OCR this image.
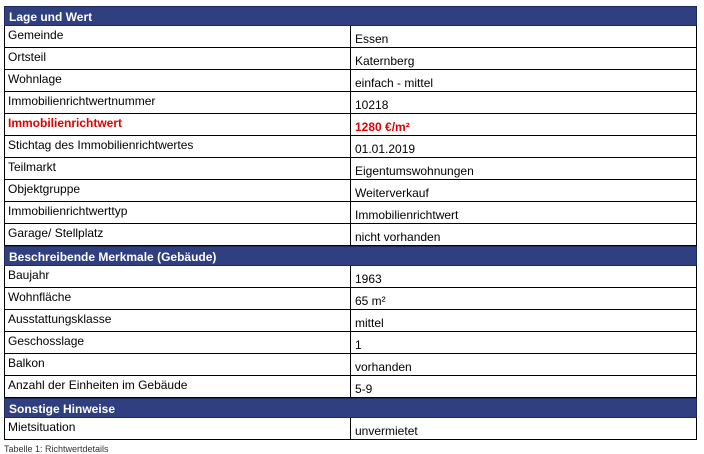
Lage und Wert
Gemeinde	Essen
Ortsteil	Katernberg
Wohnlage	einfach - mittel
Immobilienrichtwertnummer	10218
Immobilienrichtwert	1280 €/m²
Stichtag des Immobilienrichtwertes	01.01.2019
Teilmarkt	Eigentumswohnungen
Objektgruppe	Weiterverkauf
Immobilienrichtwerttyp	Immobilienrichtwert
Garage/ Stellplatz	nicht vorhanden
Beschreibende Merkmale (Gebäude)
Baujahr	1963
Wohnfläche	65 m²
Ausstattungsklasse	mittel
Geschosslage	1
Balkon	vorhanden
Anzahl der Einheiten im Gebäude	5-9
Sonstige Hinweise
Mietsituation	unvermietet
Tabelle 1: Richtwertdetails
